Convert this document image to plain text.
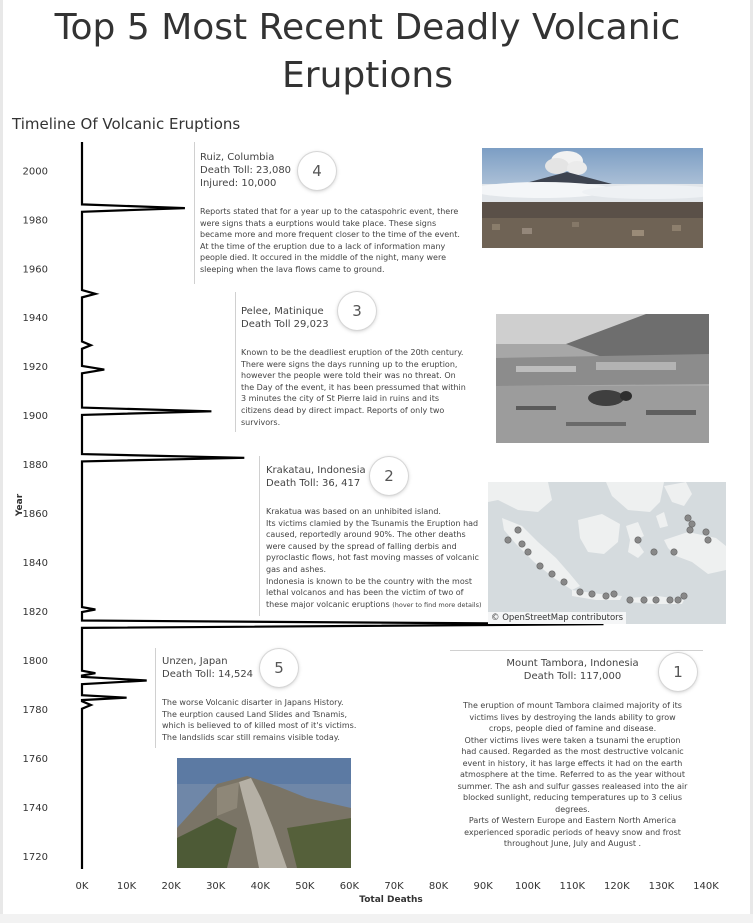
Top 5 Most Recent Deadly Volcanic Eruptions
Timeline Of Volcanic Eruptions
1720
1740
1760
1780
1800
1820
1840
1860
1880
1900
1920
1940
1960
1980
2000
0K	10K	20K	30K	40K	50K	60K	70K	80K	90K 100K 110K 120K 130K 140K
Year
Total Deaths
Ruiz, Columbia
Death Toll: 23,080
Injured: 10,000
Reports stated that for a year up to the cataspohric event, there
were signs thats a eurptions would take place. These signs
became more and more frequent closer to the time of the event.
At the time of the eruption due to a lack of information many
people died. It occured in the middle of the night, many were
sleeping when the lava flows came to ground.
4
Pelee, Matinique
Death Toll 29,023
Known to be the deadliest eruption of the 20th century.
There were signs the days running up to the eruption,
however the people were told their was no threat. On
the Day of the event, it has been pressumed that within
3 minutes the city of St Pierre laid in ruins and its
citizens dead by direct impact. Reports of only two
survivors.
3
Krakatau, Indonesia
Death Toll: 36, 417
Krakatua was based on an unhibited island.
Its victims clamied by the Tsunamis the Eruption had
caused, reportedly around 90%. The other deaths
were caused by the spread of falling derbis and
pyroclastic flows, hot fast moving masses of volcanic
gas and ashes.
Indonesia is known to be the country with the most
lethal volcanos and has been the victim of two of
these major volcanic eruptions (hover to find more details)
2
© OpenStreetMap contributors
Unzen, Japan
Death Toll: 14,524
The worse Volcanic disarter in Japans History.
The eurption caused Land Slides and Tsnamis,
which is believed to of killed most of it's victims.
The landslids scar still remains visible today.
5	Mount Tambora, Indonesia
Death Toll: 117,000
The eruption of mount Tambora claimed majority of its
victims lives by destroying the lands ability to grow
crops, people died of famine and disease.
Other victims lives were taken a tsunami the eruption
had caused. Regarded as the most destructive volcanic
event in history, it has large effects it had on the earth
atmosphere at the time. Referred to as the year without
summer. The ash and sulfur gasses realeased into the air
blocked sunlight, reducing temperatures up to 3 celius
degrees.
Parts of Western Europe and Eastern North America
experienced sporadic periods of heavy snow and frost
throughout June, July and August .
1
